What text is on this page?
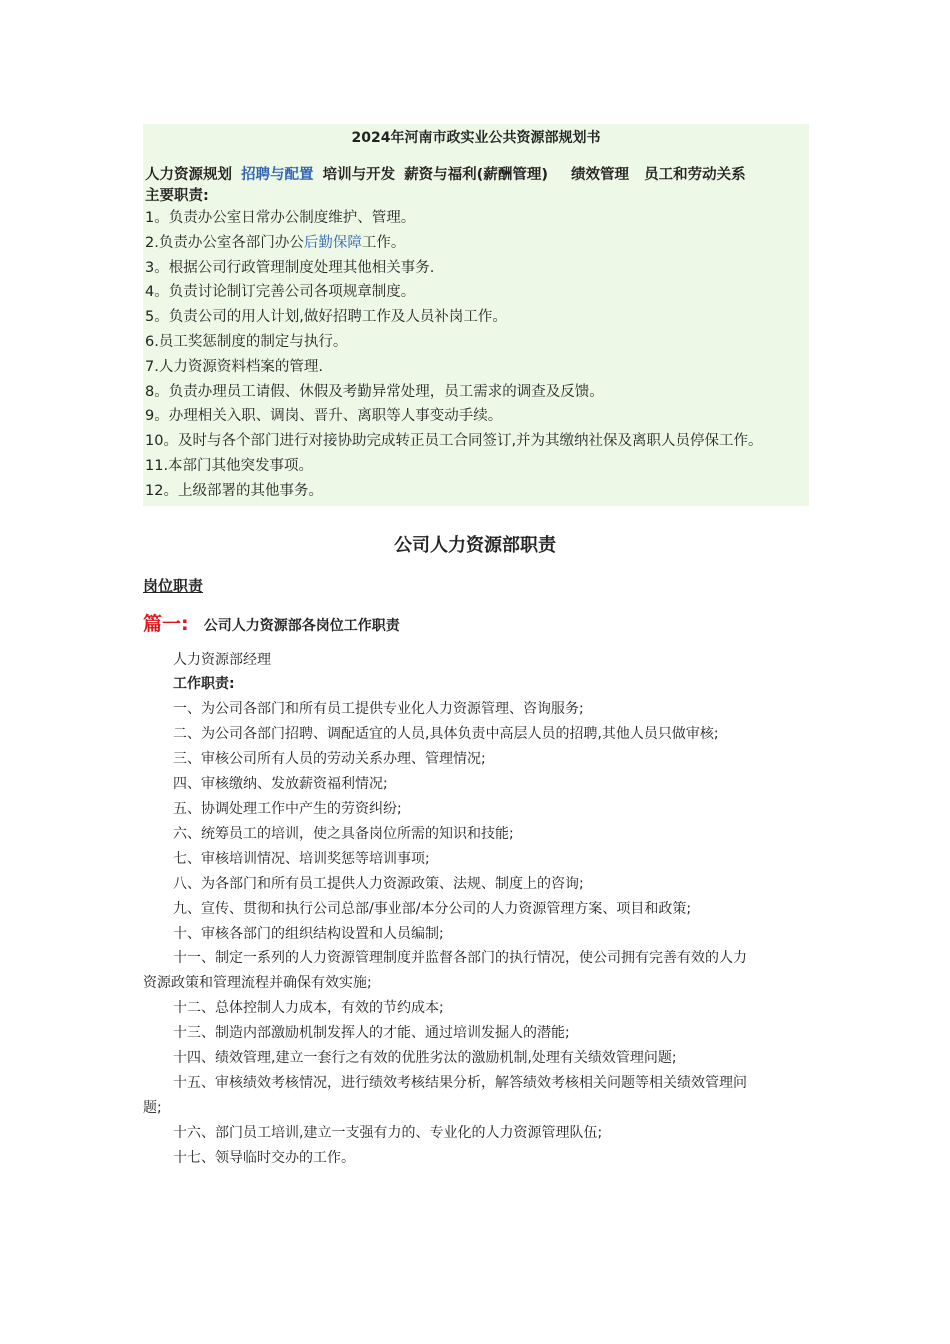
2024年河南市政实业公共资源部规划书
人力资源规划 招聘与配置 培训与开发 薪资与福利(薪酬管理) 绩效管理 员工和劳动关系
主要职责:
1。负责办公室日常办公制度维护、管理。
2.负责办公室各部门办公后勤保障工作。
3。根据公司行政管理制度处理其他相关事务.
4。负责讨论制订完善公司各项规章制度。
5。负责公司的用人计划,做好招聘工作及人员补岗工作。
6.员工奖惩制度的制定与执行。
7.人力资源资料档案的管理.
8。负责办理员工请假、休假及考勤异常处理，员工需求的调查及反馈。
9。办理相关入职、调岗、晋升、离职等人事变动手续。
10。及时与各个部门进行对接协助完成转正员工合同签订,并为其缴纳社保及离职人员停保工作。
11.本部门其他突发事项。
12。上级部署的其他事务。
公司人力资源部职责
岗位职责
篇一: 公司人力资源部各岗位工作职责
人力资源部经理
工作职责:
一、为公司各部门和所有员工提供专业化人力资源管理、咨询服务;
二、为公司各部门招聘、调配适宜的人员,具体负责中高层人员的招聘,其他人员只做审核;
三、审核公司所有人员的劳动关系办理、管理情况;
四、审核缴纳、发放薪资福利情况;
五、协调处理工作中产生的劳资纠纷;
六、统筹员工的培训，使之具备岗位所需的知识和技能;
七、审核培训情况、培训奖惩等培训事项;
八、为各部门和所有员工提供人力资源政策、法规、制度上的咨询;
九、宣传、贯彻和执行公司总部/事业部/本分公司的人力资源管理方案、项目和政策;
十、审核各部门的组织结构设置和人员编制;
十一、制定一系列的人力资源管理制度并监督各部门的执行情况，使公司拥有完善有效的人力
资源政策和管理流程并确保有效实施;
十二、总体控制人力成本，有效的节约成本;
十三、制造内部激励机制发挥人的才能、通过培训发掘人的潜能;
十四、绩效管理,建立一套行之有效的优胜劣汰的激励机制,处理有关绩效管理问题;
十五、审核绩效考核情况，进行绩效考核结果分析，解答绩效考核相关问题等相关绩效管理问
题;
十六、部门员工培训,建立一支强有力的、专业化的人力资源管理队伍;
十七、领导临时交办的工作。
